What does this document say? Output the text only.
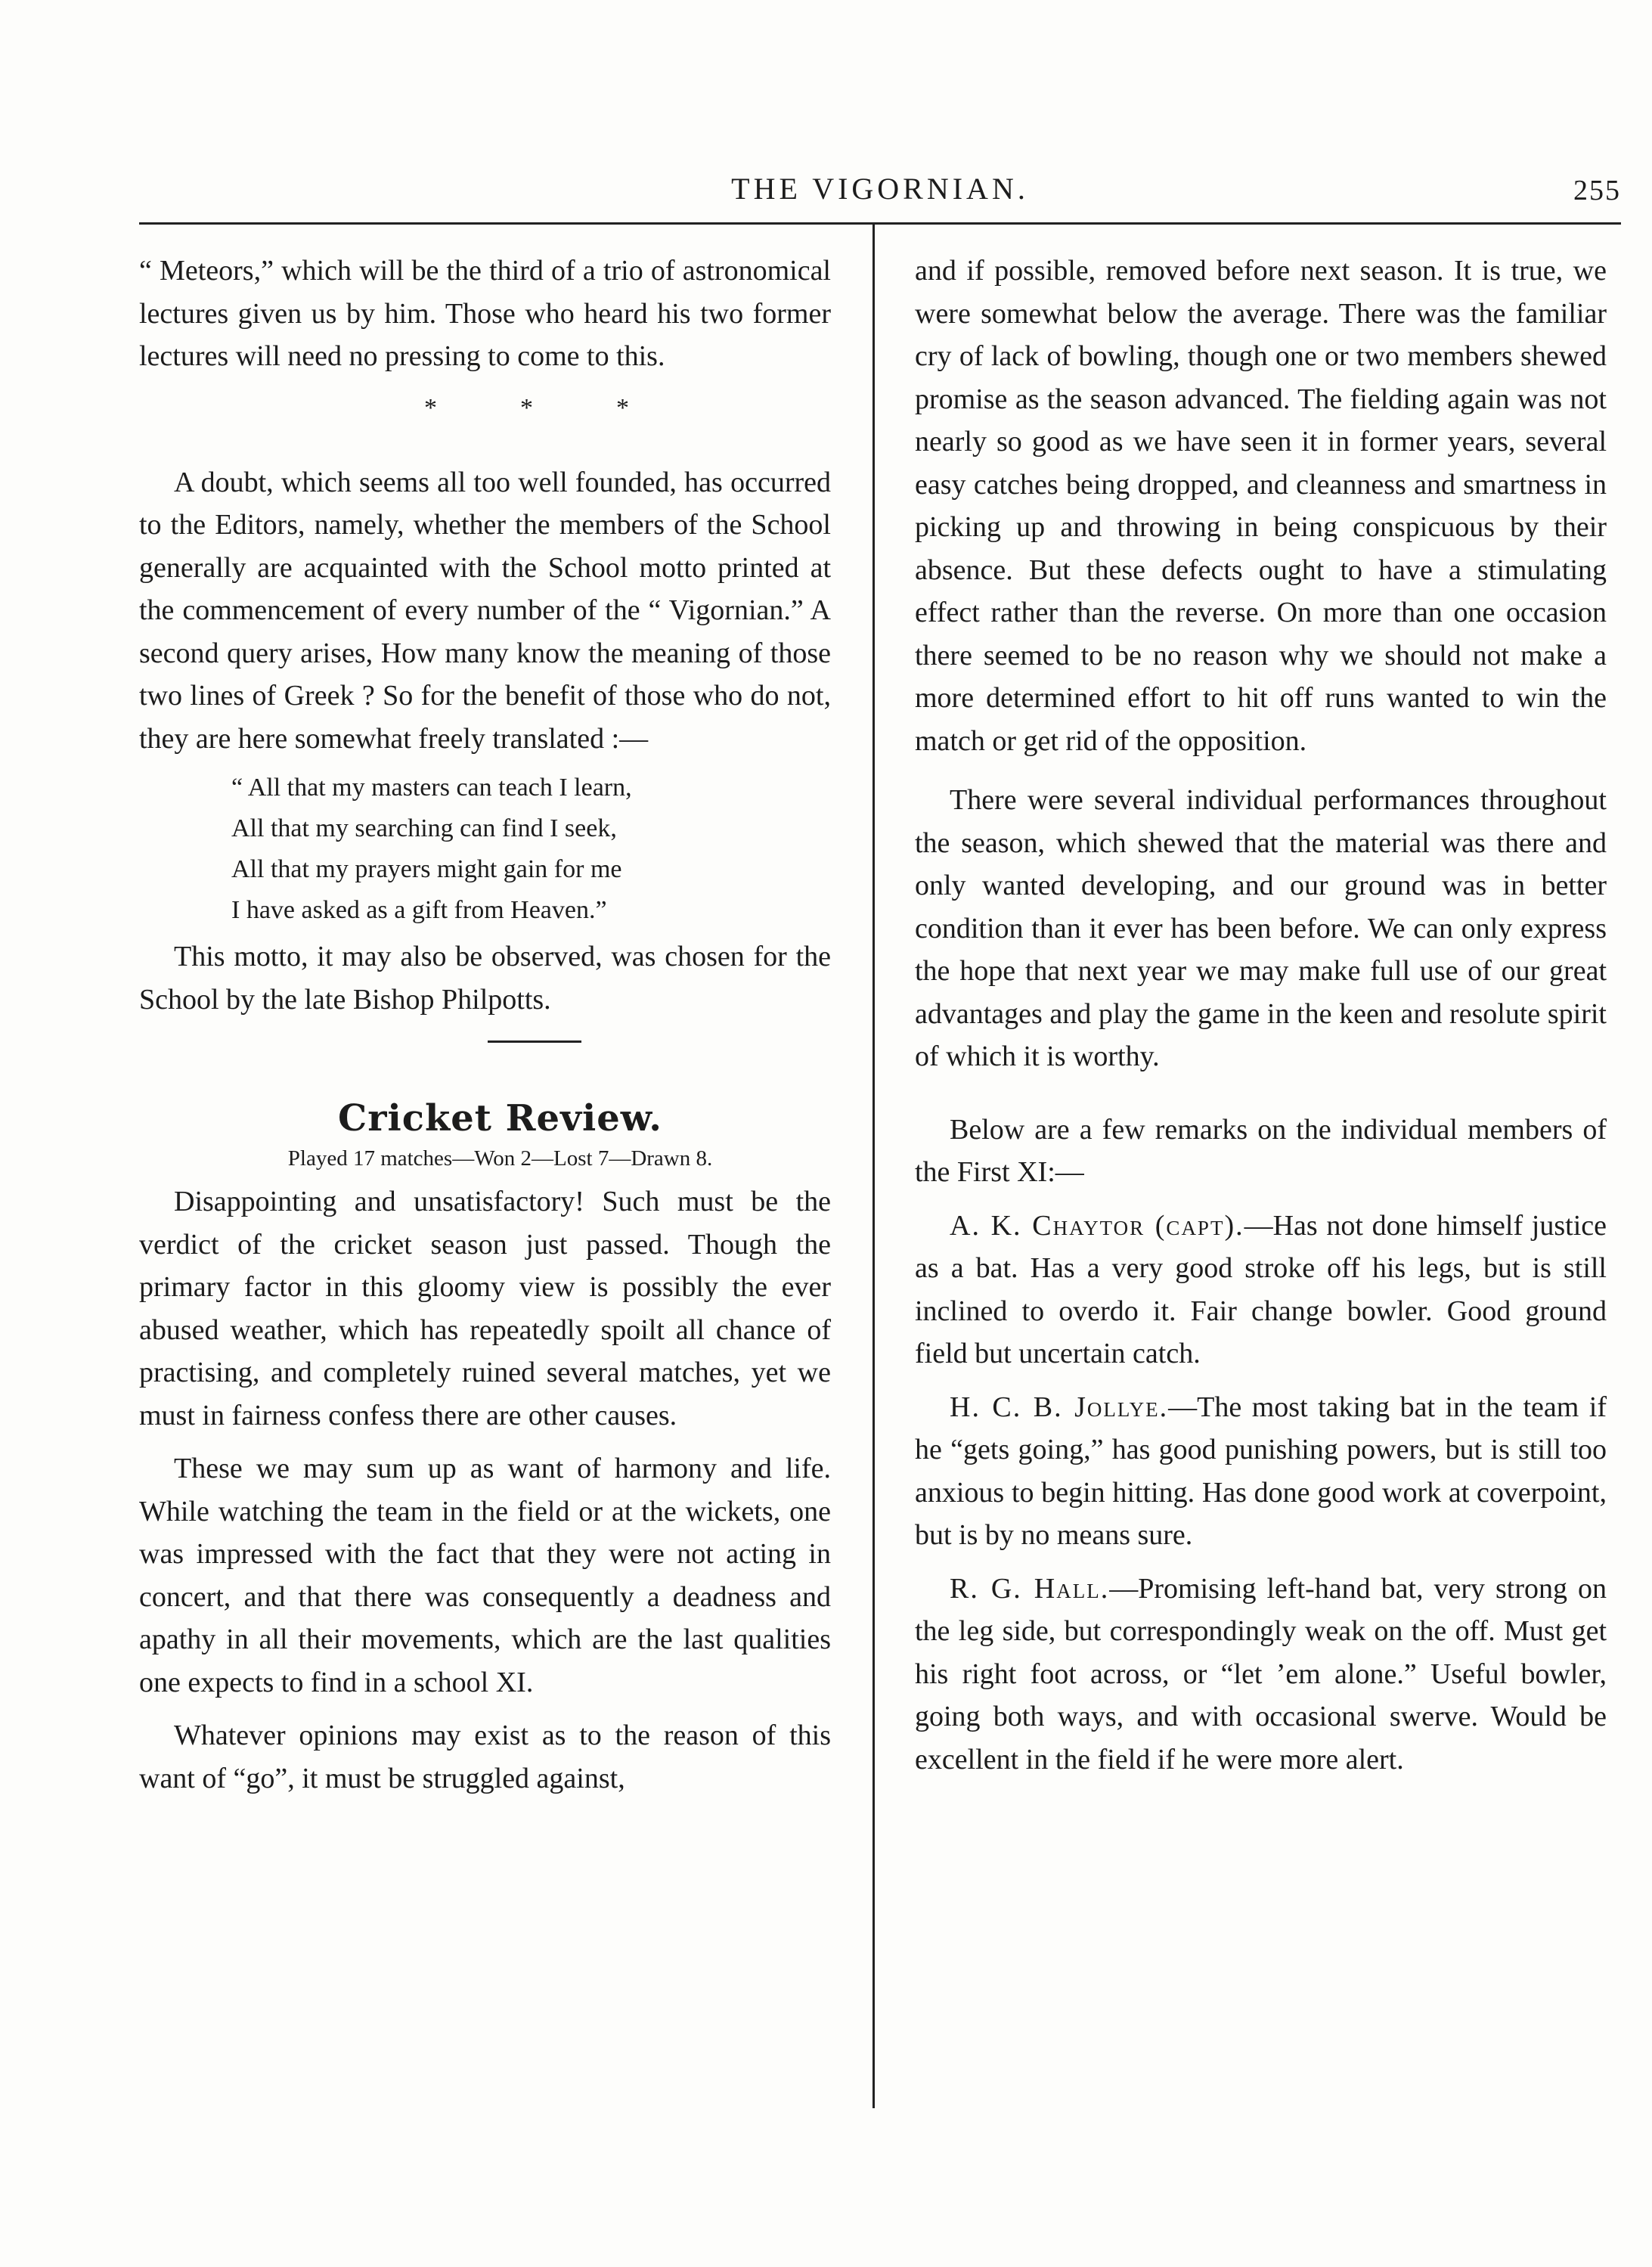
THE VIGORNIAN.	255

“ Meteors,” which will be the third of a trio of astronomical lectures given us by him. Those who heard his two former lectures will need no pressing to come to this.

*	*	*

A doubt, which seems all too well founded, has occurred to the Editors, namely, whether the members of the School generally are acquainted with the School motto printed at the commencement of every number of the “ Vigornian.” A second query arises, How many know the meaning of those two lines of Greek ? So for the benefit of those who do not, they are here somewhat freely translated :—

“ All that my masters can teach I learn,
All that my searching can find I seek,
All that my prayers might gain for me
I have asked as a gift from Heaven.”

This motto, it may also be observed, was chosen for the School by the late Bishop Philpotts.

Cricket Review.
Played 17 matches—Won 2—Lost 7—Drawn 8.

Disappointing and unsatisfactory! Such must be the verdict of the cricket season just passed. Though the primary factor in this gloomy view is possibly the ever abused weather, which has repeatedly spoilt all chance of practising, and completely ruined several matches, yet we must in fairness confess there are other causes.

These we may sum up as want of harmony and life. While watching the team in the field or at the wickets, one was impressed with the fact that they were not acting in concert, and that there was consequently a deadness and apathy in all their movements, which are the last qualities one expects to find in a school XI.

Whatever opinions may exist as to the reason of this want of “go”, it must be struggled against,

and if possible, removed before next season. It is true, we were somewhat below the average. There was the familiar cry of lack of bowling, though one or two members shewed promise as the season advanced. The fielding again was not nearly so good as we have seen it in former years, several easy catches being dropped, and cleanness and smartness in picking up and throwing in being conspicuous by their absence. But these defects ought to have a stimulating effect rather than the reverse. On more than one occasion there seemed to be no reason why we should not make a more determined effort to hit off runs wanted to win the match or get rid of the opposition.

There were several individual performances throughout the season, which shewed that the material was there and only wanted developing, and our ground was in better condition than it ever has been before. We can only express the hope that next year we may make full use of our great advantages and play the game in the keen and resolute spirit of which it is worthy.

Below are a few remarks on the individual members of the First XI:—

A. K. Chaytor (capt).—Has not done himself justice as a bat. Has a very good stroke off his legs, but is still inclined to overdo it. Fair change bowler. Good ground field but uncertain catch.

H. C. B. Jollye.—The most taking bat in the team if he “gets going,” has good punishing powers, but is still too anxious to begin hitting. Has done good work at coverpoint, but is by no means sure.

R. G. Hall.—Promising left-hand bat, very strong on the leg side, but correspondingly weak on the off. Must get his right foot across, or “let ’em alone.” Useful bowler, going both ways, and with occasional swerve. Would be excellent in the field if he were more alert.
